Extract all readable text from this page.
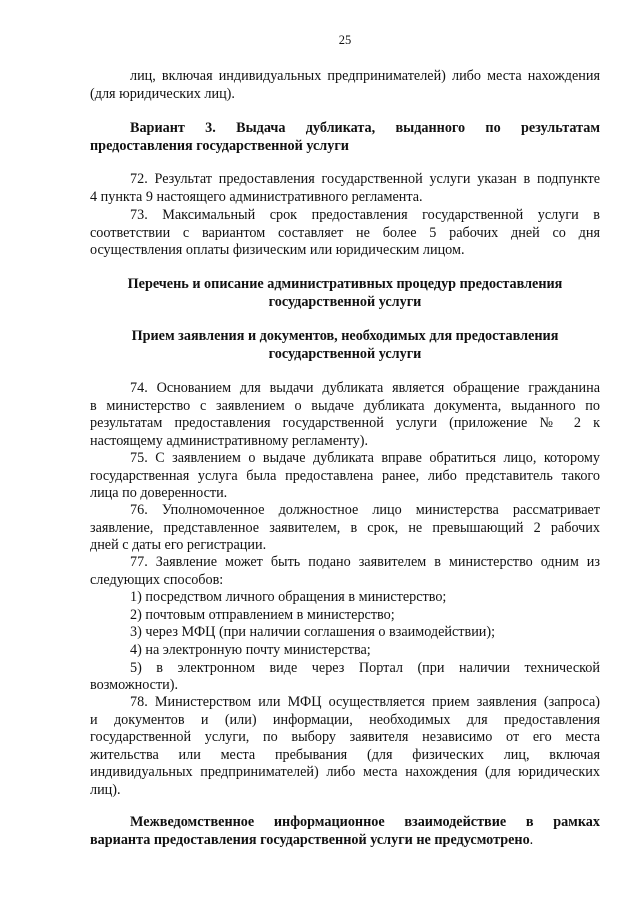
25

лиц, включая индивидуальных предпринимателей) либо места нахождения

(для юридических лиц).

Вариант 3. Выдача дубликата, выданного по результатам

предоставления государственной услуги

72. Результат предоставления государственной услуги указан в подпункте

4 пункта 9 настоящего административного регламента.

73. Максимальный срок предоставления государственной услуги в

соответствии с вариантом составляет не более 5 рабочих дней со дня

осуществления оплаты физическим или юридическим лицом.

Перечень и описание административных процедур предоставления

государственной услуги

Прием заявления и документов, необходимых для предоставления

государственной услуги

74. Основанием для выдачи дубликата является обращение гражданина

в министерство с заявлением о выдаче дубликата документа, выданного по

результатам предоставления государственной услуги (приложение № 2 к

настоящему административному регламенту).

75. С заявлением о выдаче дубликата вправе обратиться лицо, которому

государственная услуга была предоставлена ранее, либо представитель такого

лица по доверенности.

76. Уполномоченное должностное лицо министерства рассматривает

заявление, представленное заявителем, в срок, не превышающий 2 рабочих

дней с даты его регистрации.

77. Заявление может быть подано заявителем в министерство одним из

следующих способов:

1) посредством личного обращения в министерство;

2) почтовым отправлением в министерство;

3) через МФЦ (при наличии соглашения о взаимодействии);

4) на электронную почту министерства;

5) в электронном виде через Портал (при наличии технической

возможности).

78. Министерством или МФЦ осуществляется прием заявления (запроса)

и документов и (или) информации, необходимых для предоставления

государственной услуги, по выбору заявителя независимо от его места

жительства или места пребывания (для физических лиц, включая

индивидуальных предпринимателей) либо места нахождения (для юридических

лиц).

Межведомственное информационное взаимодействие в рамках

варианта предоставления государственной услуги не предусмотрено.
